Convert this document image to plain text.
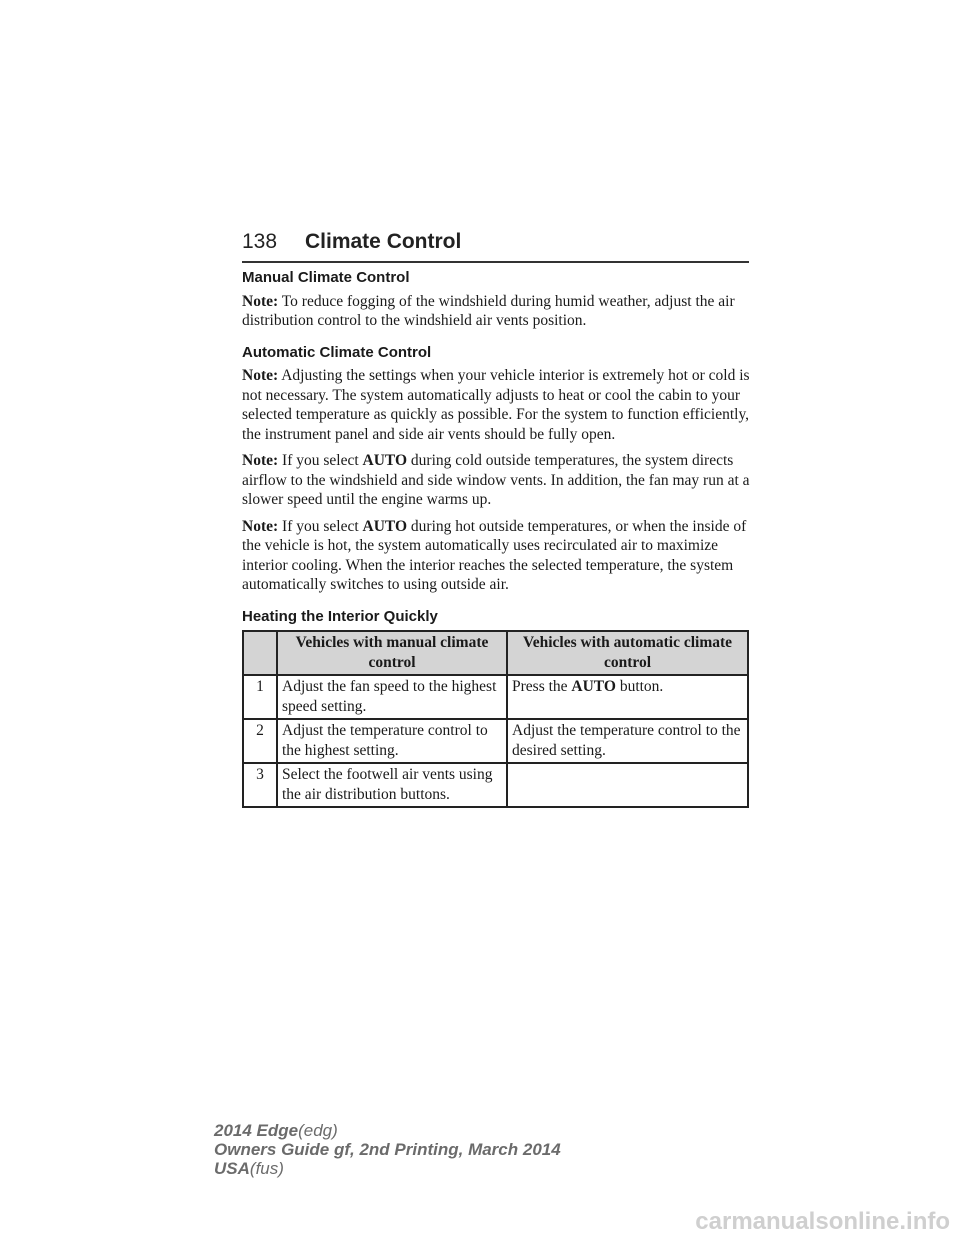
138 Climate Control
Manual Climate Control

Note: To reduce fogging of the windshield during humid weather, adjust the air distribution control to the windshield air vents position.

Automatic Climate Control

Note: Adjusting the settings when your vehicle interior is extremely hot or cold is not necessary. The system automatically adjusts to heat or cool the cabin to your selected temperature as quickly as possible. For the system to function efficiently, the instrument panel and side air vents should be fully open.

Note: If you select AUTO during cold outside temperatures, the system directs airflow to the windshield and side window vents. In addition, the fan may run at a slower speed until the engine warms up.

Note: If you select AUTO during hot outside temperatures, or when the inside of the vehicle is hot, the system automatically uses recirculated air to maximize interior cooling. When the interior reaches the selected temperature, the system automatically switches to using outside air.

Heating the Interior Quickly
	Vehicles with manual climate control	Vehicles with automatic climate control
1	Adjust the fan speed to the highest speed setting.	Press the AUTO button.
2	Adjust the temperature control to the highest setting.	Adjust the temperature control to the desired setting.
3	Select the footwell air vents using the air distribution buttons.	
2014 Edge(edg)
Owners Guide gf, 2nd Printing, March 2014
USA(fus)
carmanualsonline.info
